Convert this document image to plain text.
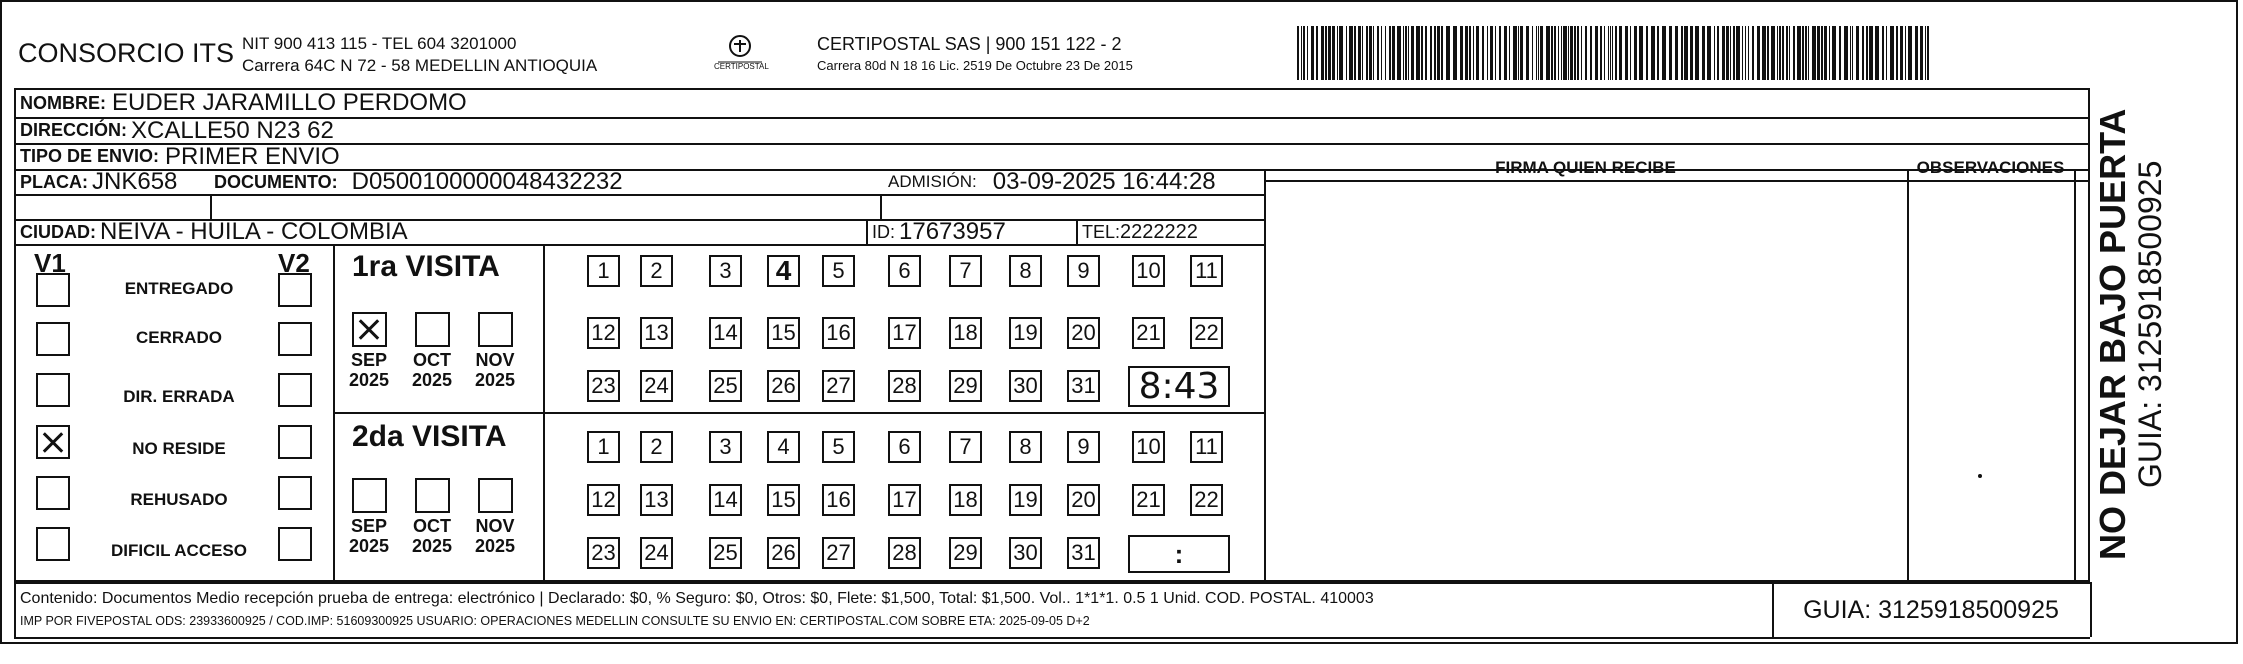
CONSORCIO ITS NIT 900 413 115 - TEL 604 3201000
Carrera 64C N 72 - 58 MEDELLIN ANTIOQUIA	CERTIPOSTAL
CERTIPOSTAL SAS | 900 151 122 - 2
Carrera 80d N 18 16 Lic. 2519 De Octubre 23 De 2015
NOMBRE: EUDER JARAMILLO PERDOMO
DIRECCIÓN: XCALLE50 N23 62
TIPO DE ENVIO: PRIMER ENVIO
PLACA: JNK658 DOCUMENTO: D0500100000048432232	ADMISIÓN: 03-09-2025 16:44:28
CIUDAD: NEIVA - HUILA - COLOMBIA	ID: 17673957	TEL: 2222222
FIRMA QUIEN RECIBE	OBSERVACIONES
V1	V2 1ra VISITA
8:43
2da VISITA
:
Contenido: Documentos Medio recepción prueba de entrega: electrónico | Declarado: $0, % Seguro: $0, Otros: $0, Flete: $1,500, Total: $1,500. Vol.. 1*1*1. 0.5 1 Unid. COD. POSTAL. 410003
IMP POR FIVEPOSTAL ODS: 23933600925 / COD.IMP: 51609300925 USUARIO: OPERACIONES MEDELLIN CONSULTE SU ENVIO EN: CERTIPOSTAL.COM SOBRE ETA: 2025-09-05 D+2	GUIA: 3125918500925
NO DEJAR BAJO PUERTA GUIA: 3125918500925
ENTREGADO
CERRADO
DIR. ERRADA
NO RESIDE
REHUSADO
DIFICIL ACCESO
SEP
2025
OCT
2025
NOV
2025
SEP
2025
OCT
2025
NOV
2025
1	2	3	4	5	6	7	8	9	10 11
12 13 14 15 16 17 18 19 20 21 22
23 24 25 26 27 28 29 30 31
1	2	3	4	5	6	7	8	9	10 11
12 13 14 15 16 17 18 19 20 21 22
23 24 25 26 27 28 29 30 31
